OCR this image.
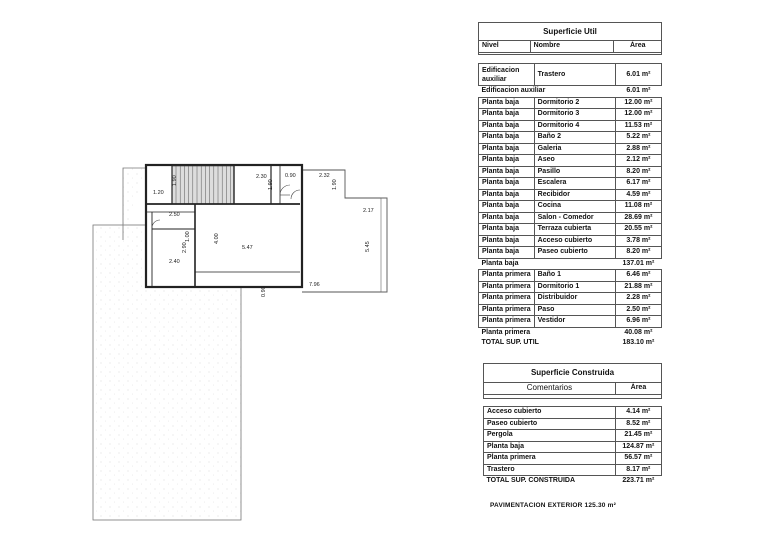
1.20
1.90	2.30	0.90
1.90
2.32
1.90
2.50
1.00	4.00
5.47
2.17
5.45
2.90
2.40
7.96
0.90
Superficie Util
Nivel	Nombre	Área
Edificacion auxiliar	Trastero	6.01 m²
Edificacion auxiliar		6.01 m²
Planta baja	Dormitorio 2	12.00 m²
Planta baja	Dormitorio 3	12.00 m²
Planta baja	Dormitorio 4	11.53 m²
Planta baja	Baño 2	5.22 m²
Planta baja	Galeria	2.88 m²
Planta baja	Aseo	2.12 m²
Planta baja	Pasillo	8.20 m²
Planta baja	Escalera	6.17 m²
Planta baja	Recibidor	4.59 m²
Planta baja	Cocina	11.08 m²
Planta baja	Salon - Comedor	28.69 m²
Planta baja	Terraza cubierta	20.55 m²
Planta baja	Acceso cubierto	3.78 m²
Planta baja	Paseo cubierto	8.20 m²
Planta baja		137.01 m²
Planta primera	Baño 1	6.46 m²
Planta primera	Dormitorio 1	21.88 m²
Planta primera	Distribuidor	2.28 m²
Planta primera	Paso	2.50 m²
Planta primera	Vestidor	6.96 m²
Planta primera		40.08 m²
TOTAL SUP. UTIL		183.10 m²
Superficie Construida
Comentarios	Área
Acceso cubierto	4.14 m²
Paseo cubierto	8.52 m²
Pergola	21.45 m²
Planta baja	124.87 m²
Planta primera	56.57 m²
Trastero	8.17 m²
TOTAL SUP. CONSTRUIDA	223.71 m²
PAVIMENTACION EXTERIOR 125.30 m²
